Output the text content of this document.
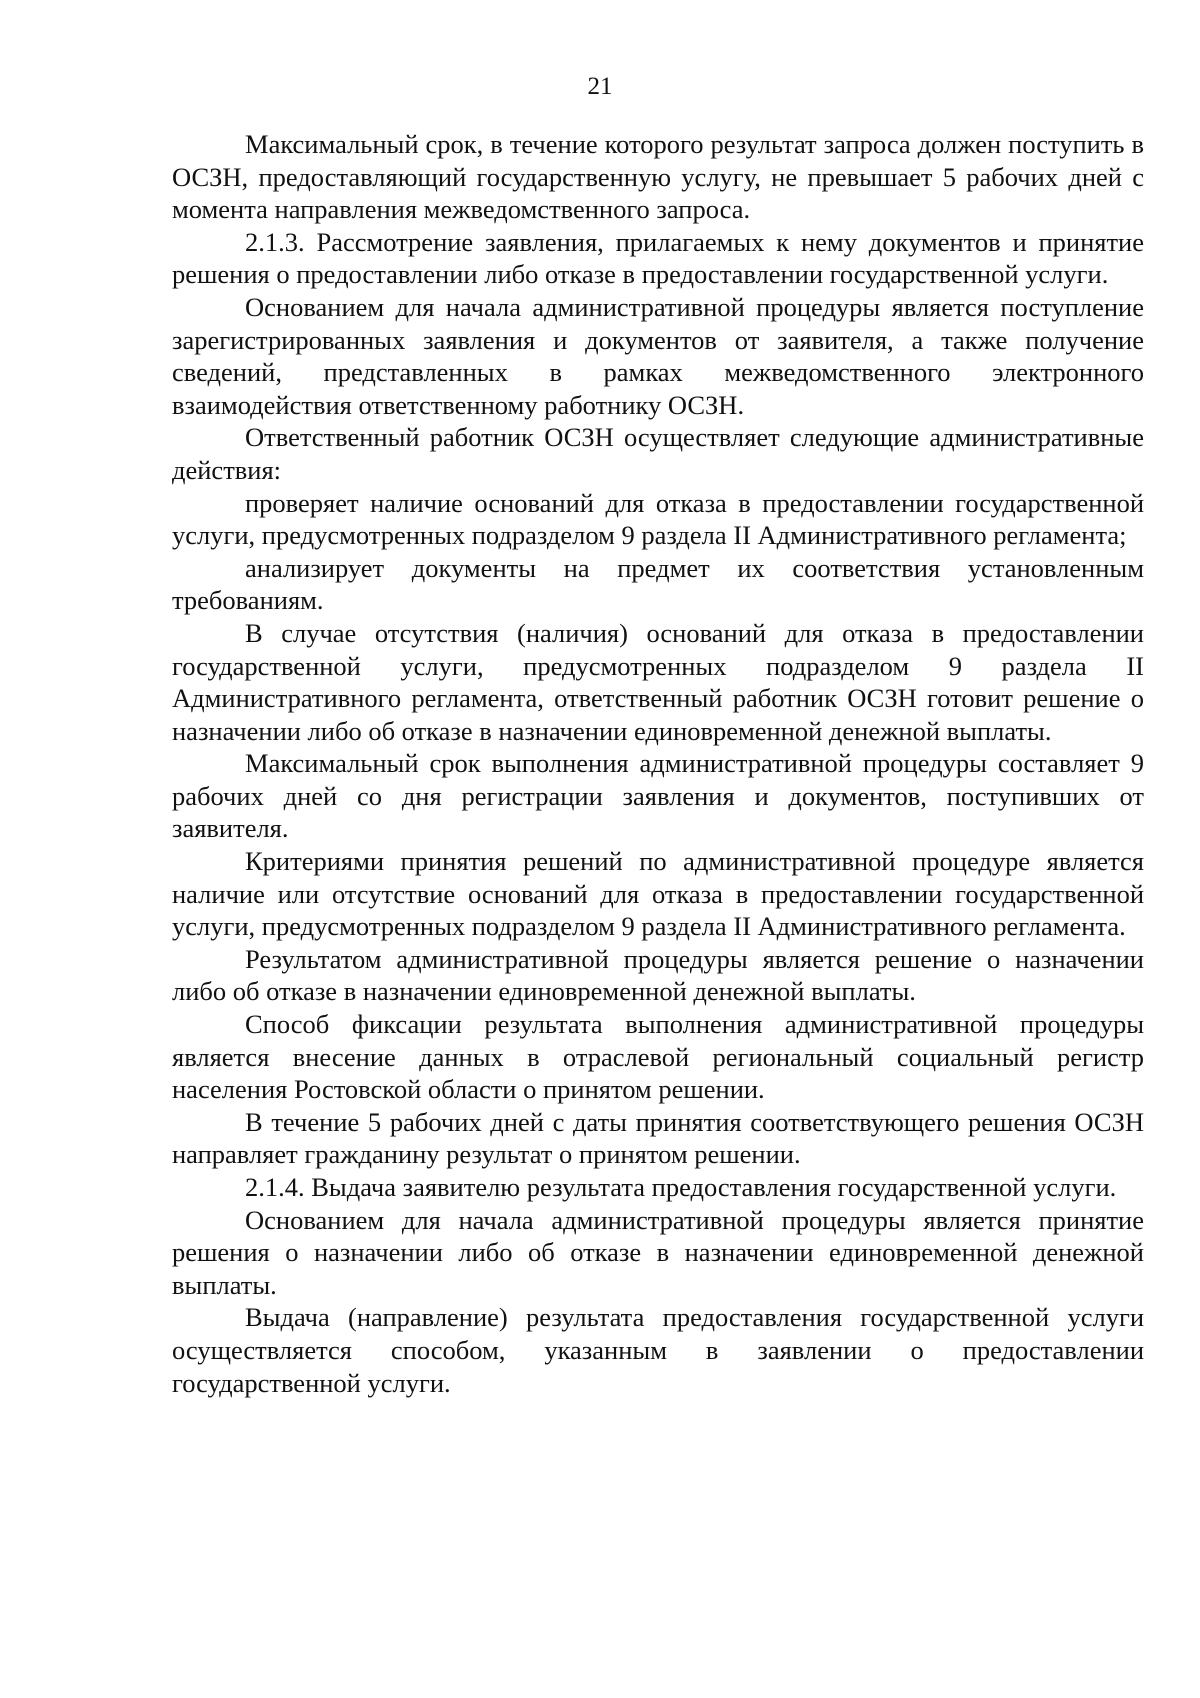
21

Максимальный срок, в течение которого результат запроса должен поступить в ОСЗН, предоставляющий государственную услугу, не превышает 5 рабочих дней с момента направления межведомственного запроса.

2.1.3. Рассмотрение заявления, прилагаемых к нему документов и принятие решения о предоставлении либо отказе в предоставлении государственной услуги.

Основанием для начала административной процедуры является поступление зарегистрированных заявления и документов от заявителя, а также получение сведений, представленных в рамках межведомственного электронного взаимодействия ответственному работнику ОСЗН.

Ответственный работник ОСЗН осуществляет следующие административные действия:

проверяет наличие оснований для отказа в предоставлении государственной услуги, предусмотренных подразделом 9 раздела II Административного регламента;

анализирует документы на предмет их соответствия установленным требованиям.

В случае отсутствия (наличия) оснований для отказа в предоставлении государственной услуги, предусмотренных подразделом 9 раздела II Административного регламента, ответственный работник ОСЗН готовит решение о назначении либо об отказе в назначении единовременной денежной выплаты.

Максимальный срок выполнения административной процедуры составляет 9 рабочих дней со дня регистрации заявления и документов, поступивших от заявителя.

Критериями принятия решений по административной процедуре является наличие или отсутствие оснований для отказа в предоставлении государственной услуги, предусмотренных подразделом 9 раздела II Административного регламента.

Результатом административной процедуры является решение о назначении либо об отказе в назначении единовременной денежной выплаты.

Способ фиксации результата выполнения административной процедуры является внесение данных в отраслевой региональный социальный регистр населения Ростовской области о принятом решении.

В течение 5 рабочих дней с даты принятия соответствующего решения ОСЗН направляет гражданину результат о принятом решении.

2.1.4. Выдача заявителю результата предоставления государственной услуги.

Основанием для начала административной процедуры является принятие решения о назначении либо об отказе в назначении единовременной денежной выплаты.

Выдача (направление) результата предоставления государственной услуги осуществляется способом, указанным в заявлении о предоставлении государственной услуги.
